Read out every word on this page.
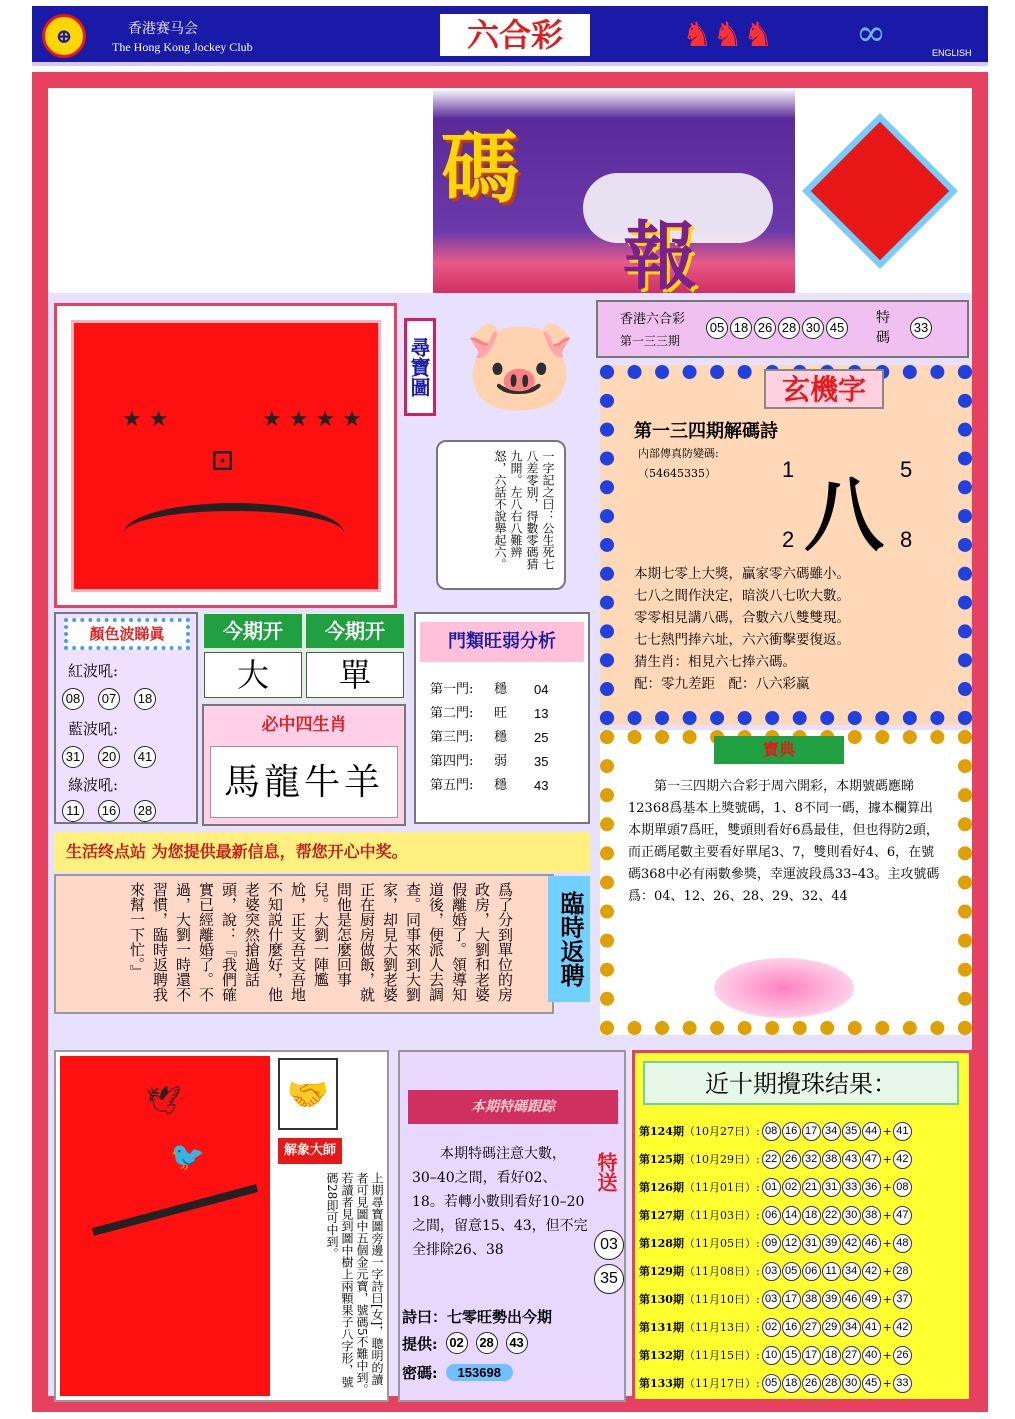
⊕	香港赛马会
The Hong Kong Jockey Club	六合彩	♞♞♞	∞	ENGLISH
碼
報
★ ★	★ ★ ★ ★
⊡
尋寶圖 🐷
一字記之曰：公生死七八差零别，得數零碼猜九開。左八右八難辨怒，六話不說舉起六。
香港六合彩
第一三三期
05 18 26 28 30 45
特碼
33
玄機字
第一三四期解碼詩
内部傳真防變碼:
（54645335） 八
1	5
2	8
本期七零上大獎，贏家零六碼雖小。
七八之間作決定，暗淡八七吹大數。
零零相見講八碼，合數六八雙雙現。
七七熱門捧六址，六六衝擊要復返。
猜生肖：相見六七捧六碼。
配：零九差距　配：八六彩赢
顏色波睇眞
紅波吼:
08 07 18
藍波吼:
31 20 41
綠波吼:
11	16 28
今期开	今期开
大	單
必中四生肖
馬龍牛羊
門類旺弱分析
第一門:	穩	04
第二門:	旺	13
第三門:	穩	25
第四門:	弱	35
第五門:	穩	43
寶典
第一三四期六合彩于周六開彩，本期號碼應睇12368爲基本上獎號碼，1、8不同一碼，據本欄算出本期單頭7爲旺，雙頭則看好6爲最佳，但也得防2頭，而正碼尾數主要看好單尾3、7，雙則看好4、6，在號碼368中必有兩數參獎，幸運波段爲33–43。主攻號碼爲：04、12、26、28、29、32、44
生活终点站 为您提供最新信息，帮您开心中奖。
爲了分到單位的房政房，大劉和老婆假離婚了。領導知道後，便派人去調查。同事來到大劉家，却見大劉老婆正在厨房做飯，就問他是怎麼回事兒。大劉一陣尷尬，正支吾支吾地不知説什麼好，他老婆突然搶過話頭，說：『我們確實已經離婚了。不過，大劉一時還不習慣，臨時返聘我來幫一下忙。』	臨時返聘
🕊
🐦
🤝
解象大師
上期尋寶圖旁邊一字詩曰[女]，聰明的讀者可見圖中五個金元寶，號碼5不難中到。若讀者見到圖中樹上兩顆果子八字形，號碼28即可中到。
本期特碼跟踪
本期特碼注意大數，30–40之間，看好02、18。若轉小數則看好10–20之間，留意15、43，但不完全排除26、38
特送
03
35
詩曰：七零旺勢出今期
提供: 02 28 43
密碼:	153698
近十期攪珠结果：
第124期 （10月27日）: 08 16 17 34 35 44 + 41
第125期 （10月29日）: 22 26 32 38 43 47 + 42
第126期 （11月01日）: 01 02 21 31 33 36 + 08
第127期 （11月03日）: 06 14 18 22 30 38 + 47
第128期 （11月05日）: 09 12 31 39 42 46 + 48
第129期 （11月08日）: 03 05 06 11 34 42 + 28
第130期 （11月10日）: 03 17 38 39 46 49 + 37
第131期 （11月13日）: 02 16 27 29 34 41 + 42
第132期 （11月15日）: 10 15 17 18 27 40 + 26
第133期 （11月17日）: 05 18 26 28 30 45 + 33
